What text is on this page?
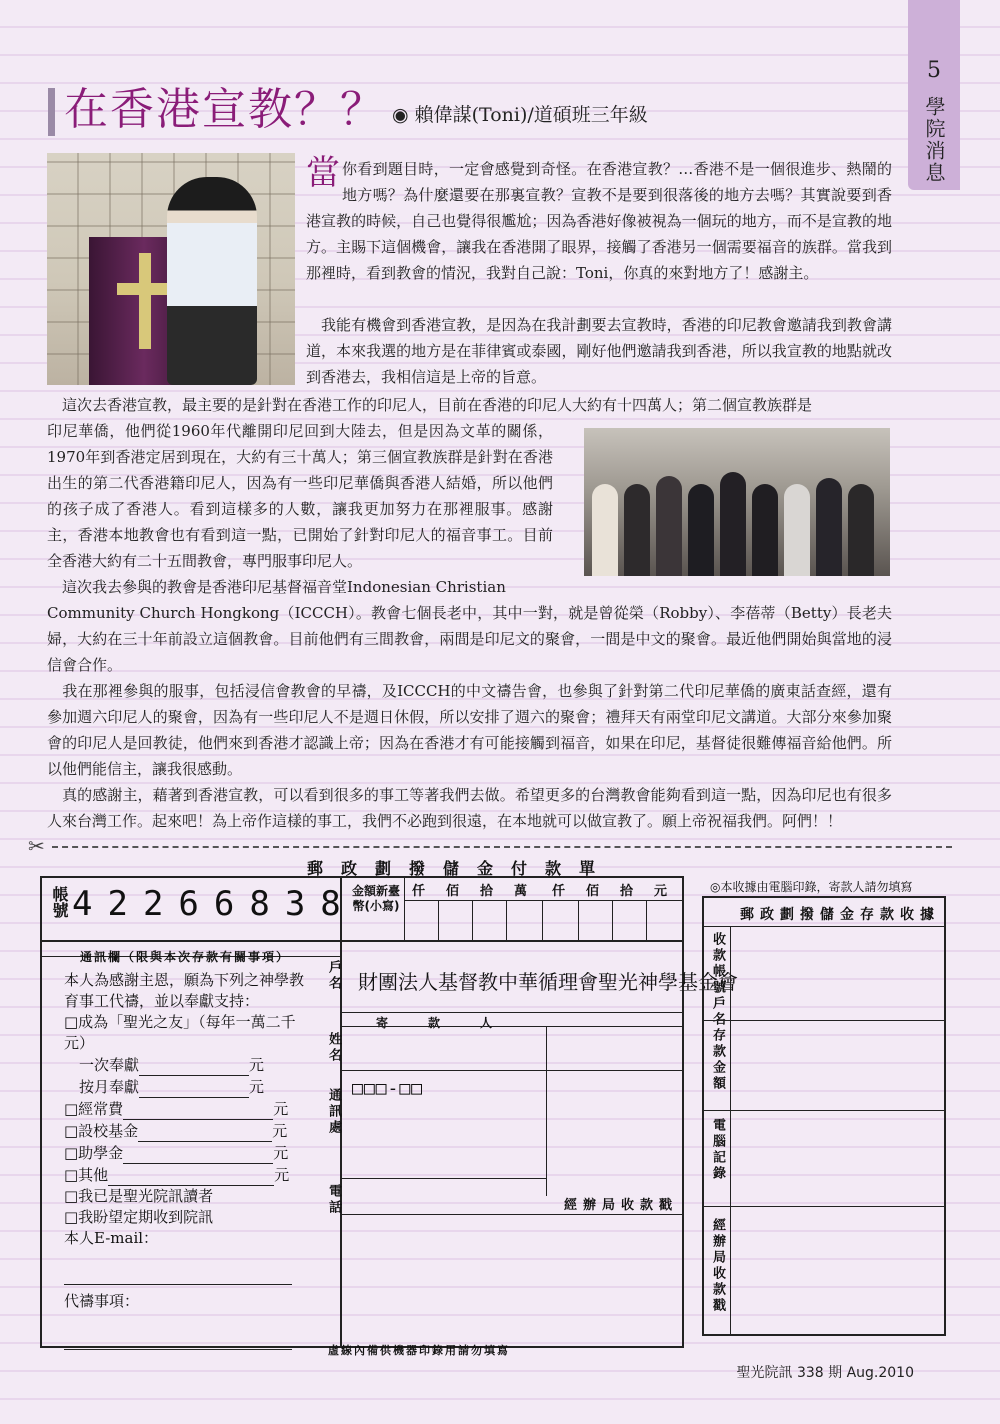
5
學院消息
在香港宣教？？ ◉ 賴偉謀(Toni)/道碩班三年級
當你看到題目時，一定會感覺到奇怪。在香港宣教？…香港不是一個很進步、熱鬧的地方嗎？為什麼還要在那裏宣教？宣教不是要到很落後的地方去嗎？其實說要到香港宣教的時候，自己也覺得很尷尬；因為香港好像被視為一個玩的地方，而不是宣教的地方。主賜下這個機會，讓我在香港開了眼界，接觸了香港另一個需要福音的族群。當我到那裡時，看到教會的情況，我對自己說：Toni，你真的來對地方了！感謝主。
　我能有機會到香港宣教，是因為在我計劃要去宣教時，香港的印尼教會邀請我到教會講道，本來我選的地方是在菲律賓或泰國，剛好他們邀請我到香港，所以我宣教的地點就改到香港去，我相信這是上帝的旨意。
　這次去香港宣教，最主要的是針對在香港工作的印尼人，目前在香港的印尼人大約有十四萬人；第二個宣教族群是
印尼華僑，他們從1960年代離開印尼回到大陸去，但是因為文革的關係，1970年到香港定居到現在，大約有三十萬人；第三個宣教族群是針對在香港出生的第二代香港籍印尼人，因為有一些印尼華僑與香港人結婚，所以他們的孩子成了香港人。看到這樣多的人數，讓我更加努力在那裡服事。感謝主，香港本地教會也有看到這一點，已開始了針對印尼人的福音事工。目前全香港大約有二十五間教會，專門服事印尼人。
　這次我去參與的教會是香港印尼基督福音堂Indonesian Christian
Community Church Hongkong（ICCCH）。教會七個長老中，其中一對，就是曾從榮（Robby）、李蓓蒂（Betty）長老夫婦，大約在三十年前設立這個教會。目前他們有三間教會，兩間是印尼文的聚會，一間是中文的聚會。最近他們開始與當地的浸信會合作。
　我在那裡參與的服事，包括浸信會教會的早禱，及ICCCH的中文禱告會，也參與了針對第二代印尼華僑的廣東話查經，還有參加週六印尼人的聚會，因為有一些印尼人不是週日休假，所以安排了週六的聚會；禮拜天有兩堂印尼文講道。大部分來參加聚會的印尼人是回教徒，他們來到香港才認識上帝；因為在香港才有可能接觸到福音，如果在印尼，基督徒很難傳福音給他們。所以他們能信主，讓我很感動。
　真的感謝主，藉著到香港宣教，可以看到很多的事工等著我們去做。希望更多的台灣教會能夠看到這一點，因為印尼也有很多人來台灣工作。起來吧！為上帝作這樣的事工，我們不必跑到很遠，在本地就可以做宣教了。願上帝祝福我們。阿們！！
✂
郵政劃撥儲金付款單
帳號 42266838
金額新臺幣(小寫)
仟 佰 拾 萬 仟 佰 拾 元
通訊欄（限與本次存款有關事項）
本人為感謝主恩，願為下列之神學教育事工代禱，並以奉獻支持：
□成為「聖光之友」（每年一萬二千元）
　一次奉獻	元
　按月奉獻	元
□經常費	元
□設校基金	元
□助學金	元
□其他	元
□我已是聖光院訊讀者
□我盼望定期收到院訊
本人E-mail：

代禱事項：

戶名 財團法人基督教中華循理會聖光神學基金會
寄　款　人
姓名
通訊處 □□□-□□
電話	經辦局收款戳
虛線內備供機器印錄用請勿填寫
◎本收據由電腦印錄，寄款人請勿填寫
郵政劃撥儲金存款收據
收款帳號戶名
存款金額
電腦記錄
經辦局收款戳
聖光院訊 338 期 Aug.2010
